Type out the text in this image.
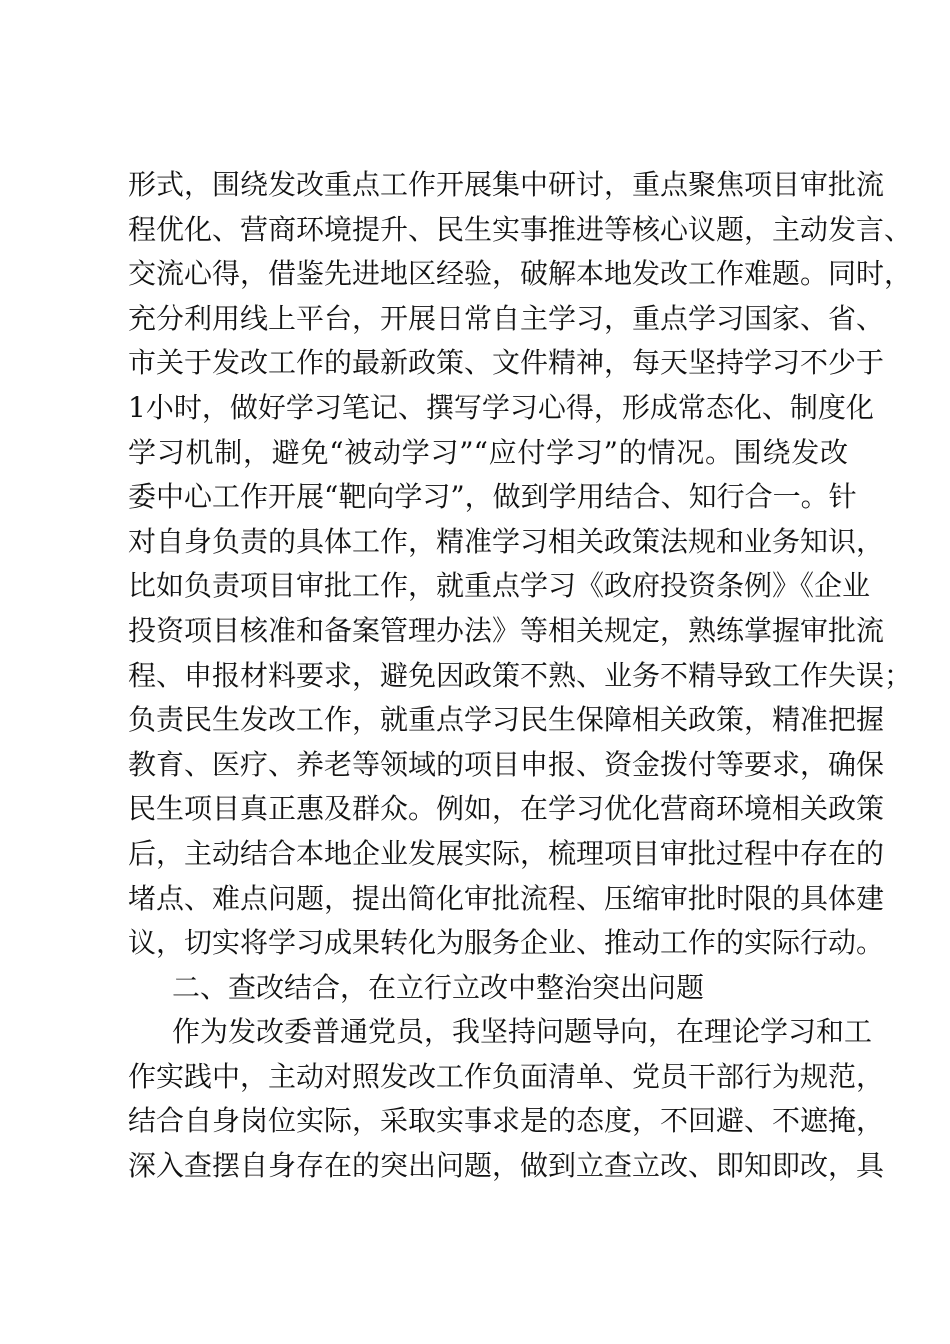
形式，围绕发改重点工作开展集中研讨，重点聚焦项目审批流
程优化、营商环境提升、民生实事推进等核心议题，主动发言、
交流心得，借鉴先进地区经验，破解本地发改工作难题。同时，
充分利用线上平台，开展日常自主学习，重点学习国家、省、
市关于发改工作的最新政策、文件精神，每天坚持学习不少于
1小时，做好学习笔记、撰写学习心得，形成常态化、制度化
学习机制，避免“被动学习”“应付学习”的情况。围绕发改
委中心工作开展“靶向学习”，做到学用结合、知行合一。针
对自身负责的具体工作，精准学习相关政策法规和业务知识，
比如负责项目审批工作，就重点学习《政府投资条例》《企业
投资项目核准和备案管理办法》等相关规定，熟练掌握审批流
程、申报材料要求，避免因政策不熟、业务不精导致工作失误；
负责民生发改工作，就重点学习民生保障相关政策，精准把握
教育、医疗、养老等领域的项目申报、资金拨付等要求，确保
民生项目真正惠及群众。例如，在学习优化营商环境相关政策
后，主动结合本地企业发展实际，梳理项目审批过程中存在的
堵点、难点问题，提出简化审批流程、压缩审批时限的具体建
议，切实将学习成果转化为服务企业、推动工作的实际行动。
二、查改结合，在立行立改中整治突出问题
作为发改委普通党员，我坚持问题导向，在理论学习和工
作实践中，主动对照发改工作负面清单、党员干部行为规范，
结合自身岗位实际，采取实事求是的态度，不回避、不遮掩，
深入查摆自身存在的突出问题，做到立查立改、即知即改，具
